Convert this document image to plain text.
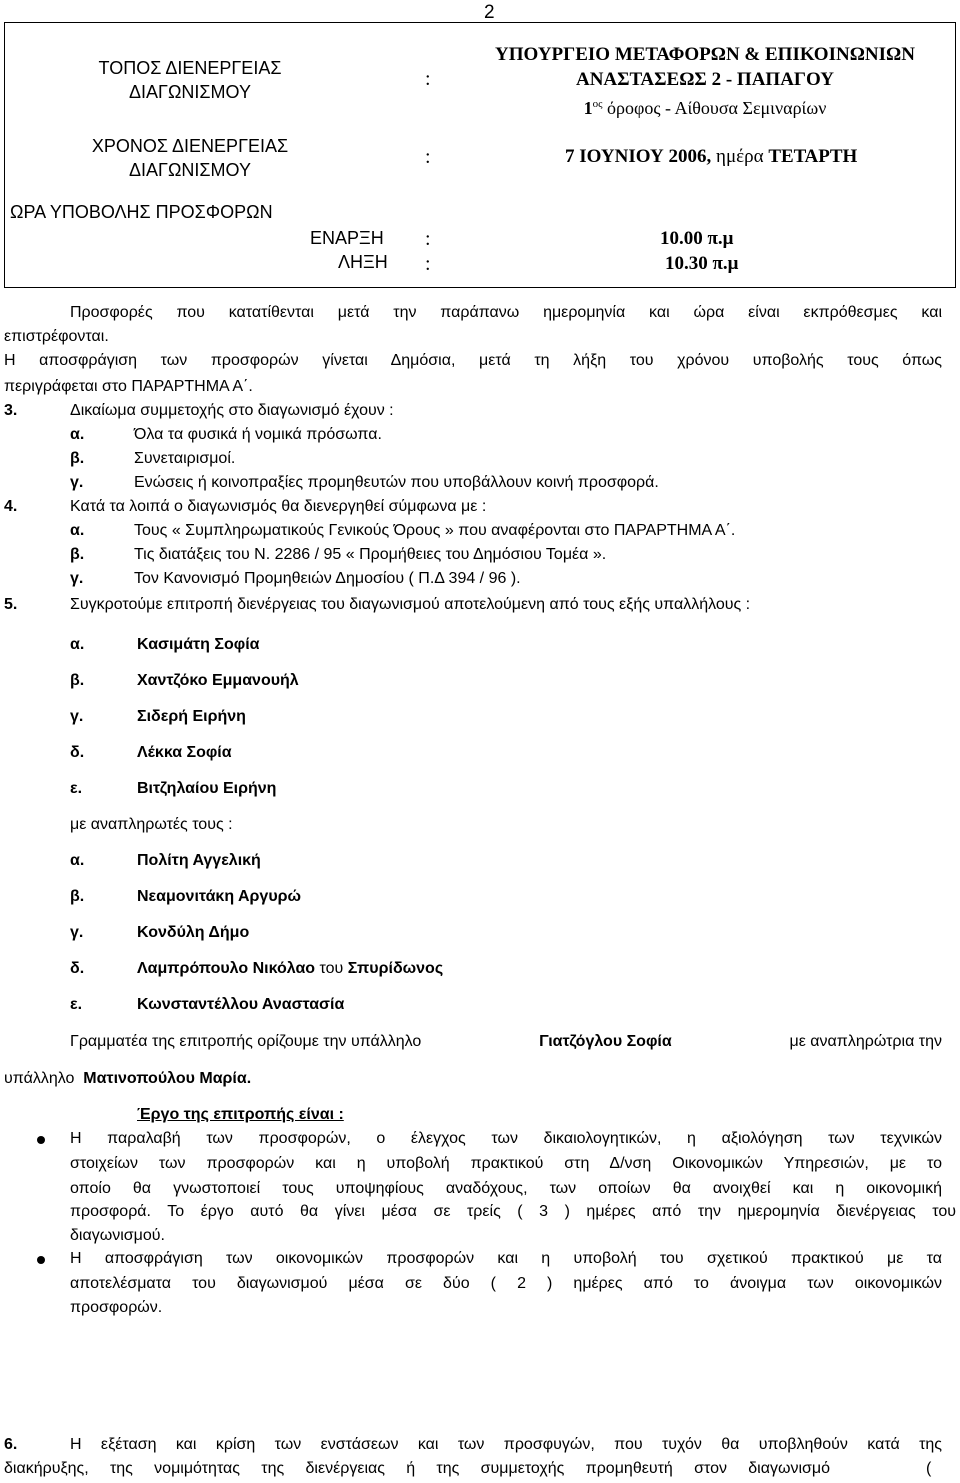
2
ΤΟΠΟΣ ΔΙΕΝΕΡΓΕΙΑΣ
ΔΙΑΓΩΝΙΣΜΟΥ
:
ΥΠΟΥΡΓΕΙΟ ΜΕΤΑΦΟΡΩΝ & ΕΠΙΚΟΙΝΩΝΙΩΝ
ΑΝΑΣΤΑΣΕΩΣ 2 - ΠΑΠΑΓΟΥ
$1^{o\varsigma}$ όροφος - Αίθουσα Σεμιναρίων
ΧΡΟΝΟΣ ΔΙΕΝΕΡΓΕΙΑΣ
ΔΙΑΓΩΝΙΣΜΟΥ
:	7 ΙΟΥΝΙΟΥ 2006, ημέρα ΤΕΤΑΡΤΗ
ΩΡΑ ΥΠΟΒΟΛΗΣ ΠΡΟΣΦΟΡΩΝ
ΕΝΑΡΞΗ :	10.00 π.μ
ΛΗΞΗ :	10.30 π.μ
Προσφορές που κατατίθενται μετά την παράπανω ημερομηνία και ώρα είναι εκπρόθεσμες και
επιστρέφονται.
Η αποσφράγιση των προσφορών γίνεται Δημόσια, μετά τη λήξη του χρόνου υποβολής τους όπως
περιγράφεται στο ΠΑΡΑΡΤΗΜΑ Α΄.
3.	Δικαίωμα συμμετοχής στο διαγωνισμό έχουν :
α.	Όλα τα φυσικά ή νομικά πρόσωπα.
β.	Συνεταιρισμοί.
γ.	Ενώσεις ή κοινοπραξίες προμηθευτών που υποβάλλουν κοινή προσφορά.
4.	Κατά τα λοιπά ο διαγωνισμός θα διενεργηθεί σύμφωνα με :
α.	Τους « Συμπληρωματικούς Γενικούς Όρους » που αναφέρονται στο ΠΑΡΑΡΤΗΜΑ Α΄.
β.	Τις διατάξεις του Ν. 2286 / 95 « Προμήθειες του Δημόσιου Τομέα ».
γ.	Τον Κανονισμό Προμηθειών Δημοσίου ( Π.Δ 394 / 96 ).
5.	Συγκροτούμε επιτροπή διενέργειας του διαγωνισμού αποτελούμενη από τους εξής υπαλλήλους :
α.	Κασιμάτη Σοφία
β.	Χαντζόκο Εμμανουήλ
γ.	Σιδερή Ειρήνη
δ.	Λέκκα Σοφία
ε.	Βιτζηλαίου Ειρήνη
με αναπληρωτές τους :
α.	Πολίτη Αγγελική
β.	Νεαμονιτάκη Αργυρώ
γ.	Κονδύλη Δήμο
δ.	Λαμπρόπουλο Νικόλαο του Σπυρίδωνος
ε.	Κωνσταντέλλου Αναστασία
Γραμματέα της επιτροπής ορίζουμε την υπάλληλο	Γιατζόγλου Σοφία	με αναπληρώτρια την
υπάλληλο Ματινοπούλου Μαρία.
Έργο της επιτροπής είναι :
Η παραλαβή των προσφορών, ο έλεγχος των δικαιολογητικών, η αξιολόγηση των τεχνικών
στοιχείων των προσφορών και η υποβολή πρακτικού στη Δ/νση Οικονομικών Υπηρεσιών, με το
οποίο θα γνωστοποιεί τους υποψηφίους αναδόχους, των οποίων θα ανοιχθεί και η οικονομική
προσφορά. Το έργο αυτό θα γίνει μέσα σε τρείς ( 3 ) ημέρες από την ημερομηνία διενέργειας του
διαγωνισμού.
Η αποσφράγιση των οικονομικών προσφορών και η υποβολή του σχετικού πρακτικού με τα
αποτελέσματα του διαγωνισμού μέσα σε δύο ( 2 ) ημέρες από το άνοιγμα των οικονομικών
προσφορών.
6.	Η εξέταση και κρίση των ενστάσεων και των προσφυγών, που τυχόν θα υποβληθούν κατά της
διακήρυξης, της νομιμότητας της διενέργειας ή της συμμετοχής προμηθευτή στον διαγωνισμό	(
